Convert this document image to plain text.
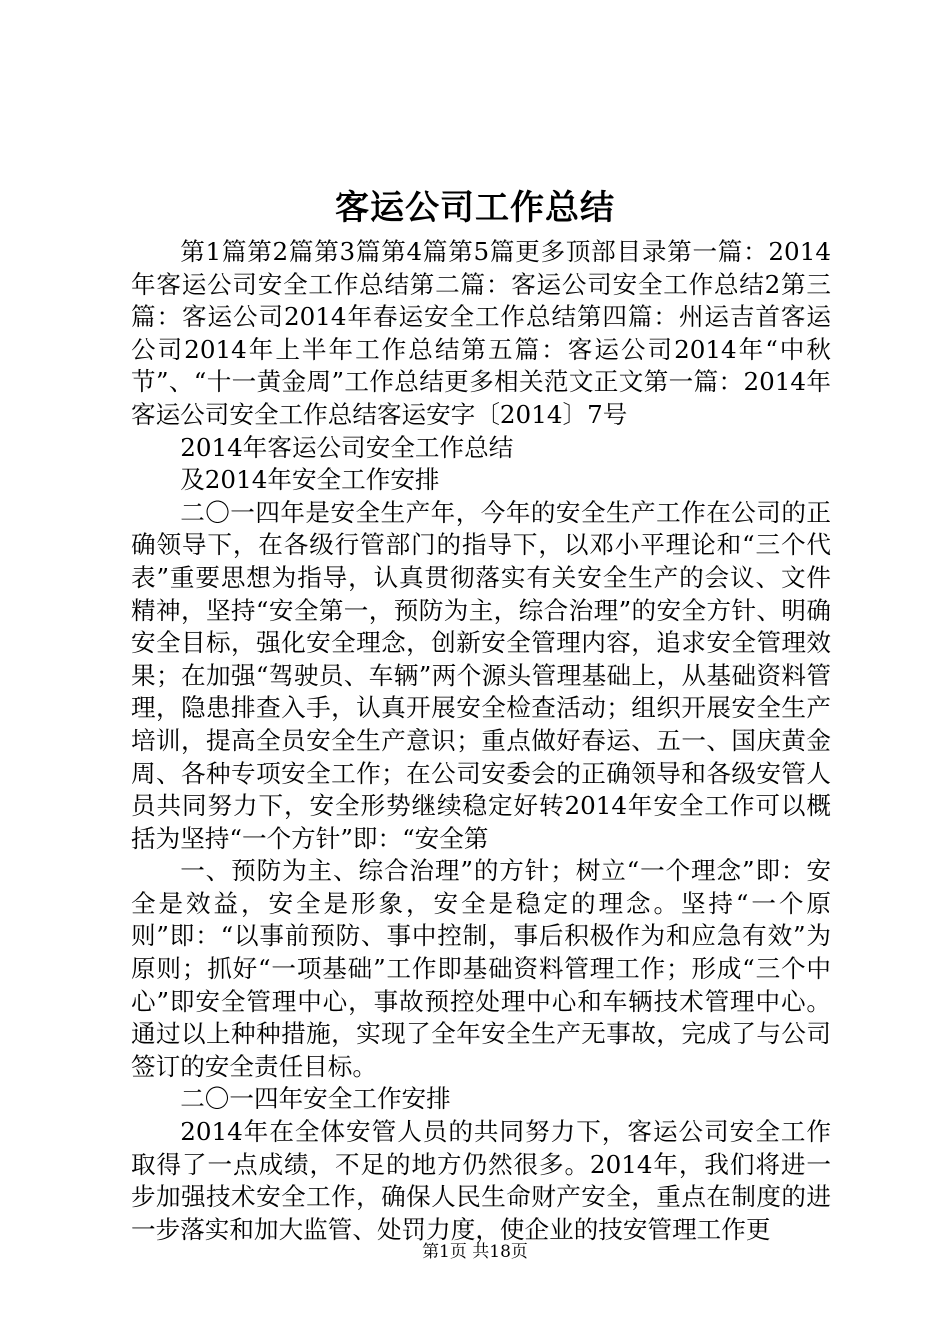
客运公司工作总结

第1篇第2篇第3篇第4篇第5篇更多顶部目录第一篇：2014年客运公司安全工作总结第二篇：客运公司安全工作总结2第三篇：客运公司2014年春运安全工作总结第四篇：州运吉首客运公司2014年上半年工作总结第五篇：客运公司2014年“中秋节”、“十一黄金周”工作总结更多相关范文正文第一篇：2014年客运公司安全工作总结客运安字〔2014〕7号

2014年客运公司安全工作总结

及2014年安全工作安排

二〇一四年是安全生产年，今年的安全生产工作在公司的正确领导下，在各级行管部门的指导下，以邓小平理论和“三个代表”重要思想为指导，认真贯彻落实有关安全生产的会议、文件精神，坚持“安全第一，预防为主，综合治理”的安全方针、明确安全目标，强化安全理念，创新安全管理内容，追求安全管理效果；在加强“驾驶员、车辆”两个源头管理基础上，从基础资料管理，隐患排查入手，认真开展安全检查活动；组织开展安全生产培训，提高全员安全生产意识；重点做好春运、五一、国庆黄金周、各种专项安全工作；在公司安委会的正确领导和各级安管人员共同努力下，安全形势继续稳定好转2014年安全工作可以概括为坚持“一个方针”即：“安全第

一、预防为主、综合治理”的方针；树立“一个理念”即：安全是效益，安全是形象，安全是稳定的理念。坚持“一个原则”即：“以事前预防、事中控制，事后积极作为和应急有效”为原则；抓好“一项基础”工作即基础资料管理工作；形成“三个中心”即安全管理中心，事故预控处理中心和车辆技术管理中心。通过以上种种措施，实现了全年安全生产无事故，完成了与公司签订的安全责任目标。

二〇一四年安全工作安排

2014年在全体安管人员的共同努力下，客运公司安全工作取得了一点成绩，不足的地方仍然很多。2014年，我们将进一步加强技术安全工作，确保人民生命财产安全，重点在制度的进一步落实和加大监管、处罚力度，使企业的技安管理工作更

第1页 共18页
